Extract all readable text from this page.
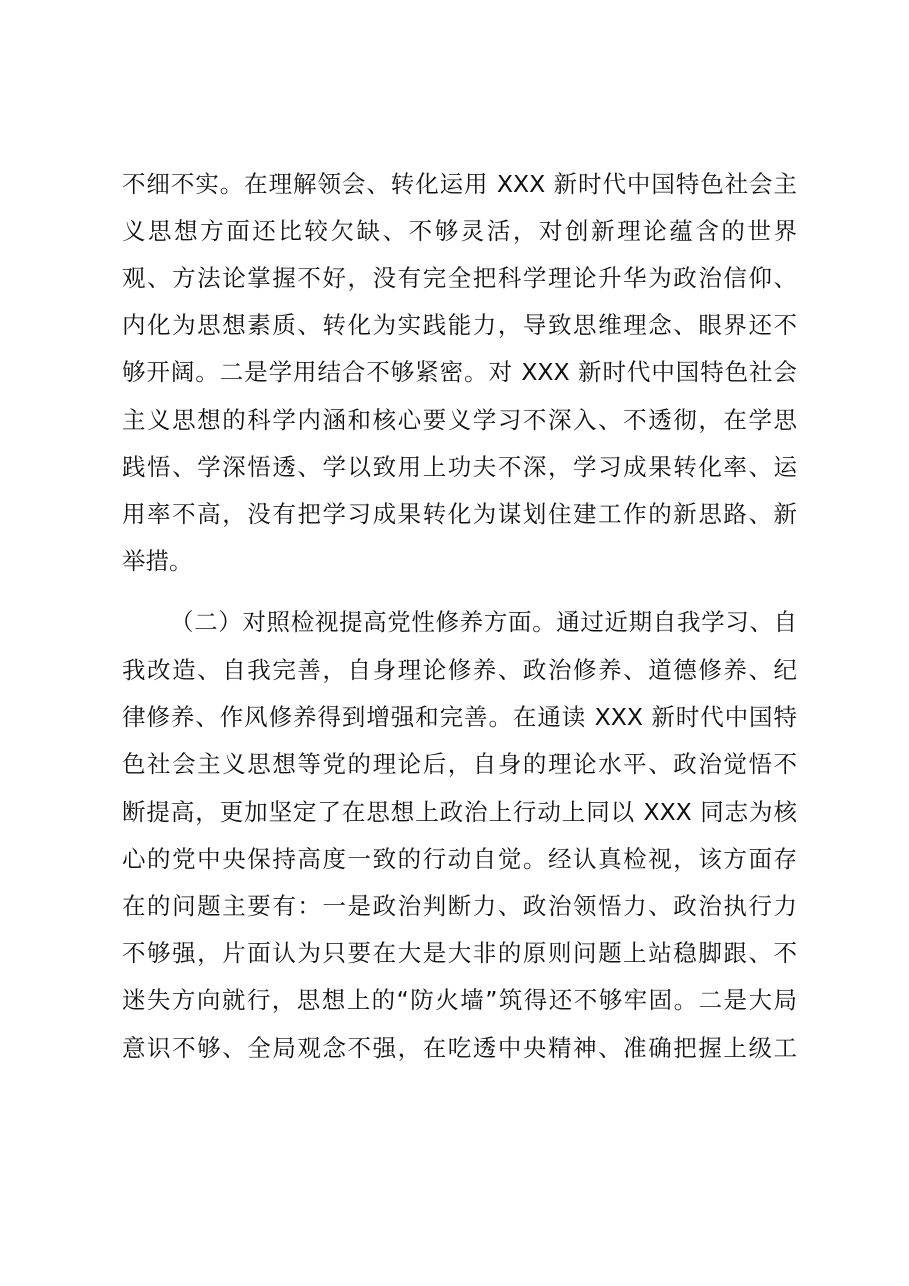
不细不实。在理解领会、转化运用 XXX 新时代中国特色社会主
义思想方面还比较欠缺、不够灵活，对创新理论蕴含的世界
观、方法论掌握不好，没有完全把科学理论升华为政治信仰、
内化为思想素质、转化为实践能力，导致思维理念、眼界还不
够开阔。二是学用结合不够紧密。对 XXX 新时代中国特色社会
主义思想的科学内涵和核心要义学习不深入、不透彻，在学思
践悟、学深悟透、学以致用上功夫不深，学习成果转化率、运
用率不高，没有把学习成果转化为谋划住建工作的新思路、新
举措。
（二）对照检视提高党性修养方面。通过近期自我学习、自
我改造、自我完善，自身理论修养、政治修养、道德修养、纪
律修养、作风修养得到增强和完善。在通读 XXX 新时代中国特
色社会主义思想等党的理论后，自身的理论水平、政治觉悟不
断提高，更加坚定了在思想上政治上行动上同以 XXX 同志为核
心的党中央保持高度一致的行动自觉。经认真检视，该方面存
在的问题主要有：一是政治判断力、政治领悟力、政治执行力
不够强，片面认为只要在大是大非的原则问题上站稳脚跟、不
迷失方向就行，思想上的“防火墙”筑得还不够牢固。二是大局
意识不够、全局观念不强，在吃透中央精神、准确把握上级工
